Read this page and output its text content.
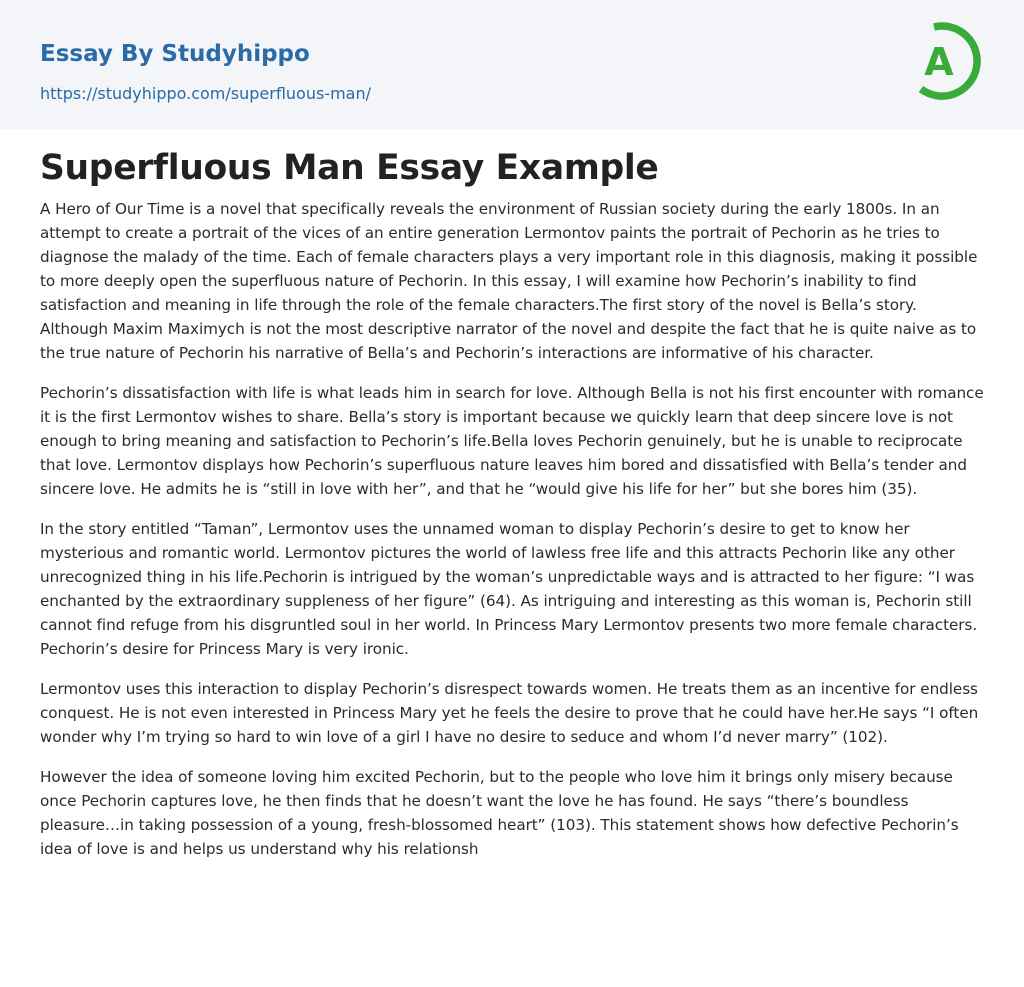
Essay By Studyhippo
https://studyhippo.com/superfluous-man/
A
Superfluous Man Essay Example

A Hero of Our Time is a novel that specifically reveals the environment of Russian society during the early 1800s. In an attempt to create a portrait of the vices of an entire generation Lermontov paints the portrait of Pechorin as he tries to diagnose the malady of the time. Each of female characters plays a very important role in this diagnosis, making it possible to more deeply open the superfluous nature of Pechorin. In this essay, I will examine how Pechorin’s inability to find satisfaction and meaning in life through the role of the female characters.The first story of the novel is Bella’s story. Although Maxim Maximych is not the most descriptive narrator of the novel and despite the fact that he is quite naive as to the true nature of Pechorin his narrative of Bella’s and Pechorin’s interactions are informative of his character.

Pechorin’s dissatisfaction with life is what leads him in search for love. Although Bella is not his first encounter with romance it is the first Lermontov wishes to share. Bella’s story is important because we quickly learn that deep sincere love is not enough to bring meaning and satisfaction to Pechorin’s life.Bella loves Pechorin genuinely, but he is unable to reciprocate that love. Lermontov displays how Pechorin’s superfluous nature leaves him bored and dissatisfied with Bella’s tender and sincere love. He admits he is “still in love with her”, and that he “would give his life for her” but she bores him (35).

In the story entitled “Taman”, Lermontov uses the unnamed woman to display Pechorin’s desire to get to know her mysterious and romantic world. Lermontov pictures the world of lawless free life and this attracts Pechorin like any other unrecognized thing in his life.Pechorin is intrigued by the woman’s unpredictable ways and is attracted to her figure: “I was enchanted by the extraordinary suppleness of her figure” (64). As intriguing and interesting as this woman is, Pechorin still cannot find refuge from his disgruntled soul in her world. In Princess Mary Lermontov presents two more female characters. Pechorin’s desire for Princess Mary is very ironic.

Lermontov uses this interaction to display Pechorin’s disrespect towards women. He treats them as an incentive for endless conquest. He is not even interested in Princess Mary yet he feels the desire to prove that he could have her.He says “I often wonder why I’m trying so hard to win love of a girl I have no desire to seduce and whom I’d never marry” (102).

However the idea of someone loving him excited Pechorin, but to the people who love him it brings only misery because once Pechorin captures love, he then finds that he doesn’t want the love he has found. He says “there’s boundless pleasure…in taking possession of a young, fresh-blossomed heart” (103). This statement shows how defective Pechorin’s idea of love is and helps us understand why his relationsh
